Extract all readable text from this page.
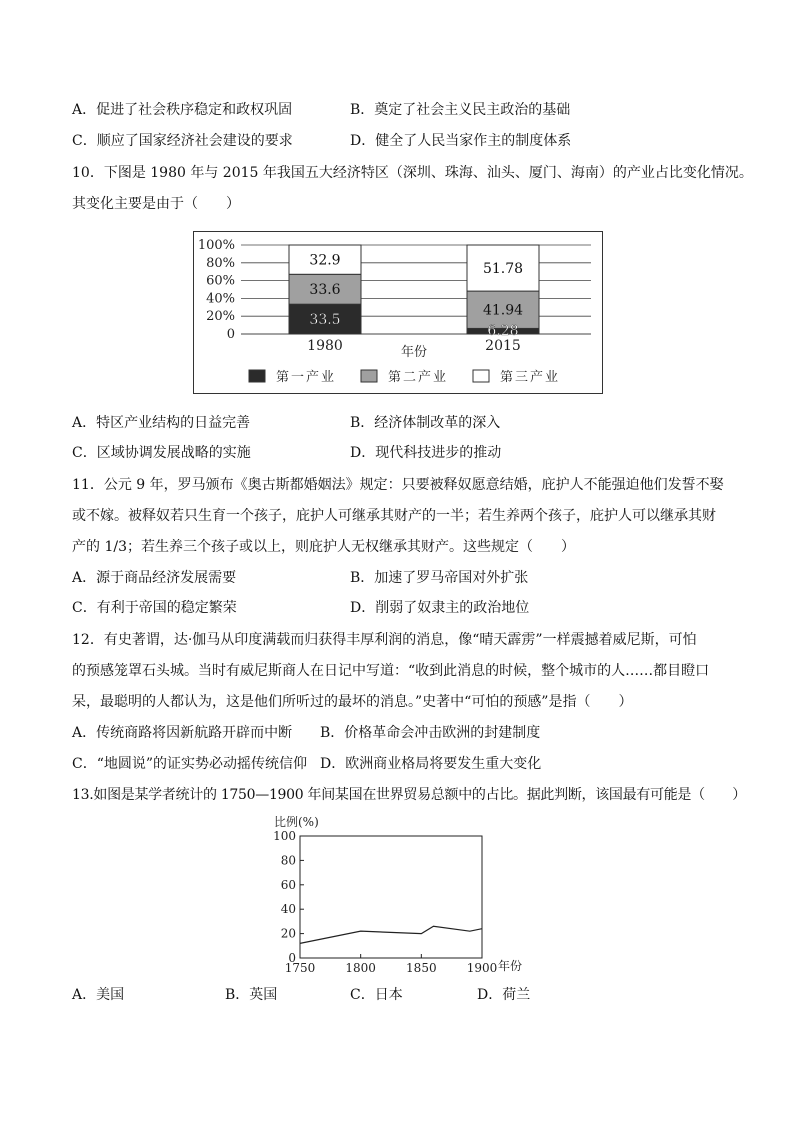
A．促进了社会秩序稳定和政权巩固	B．奠定了社会主义民主政治的基础
C．顺应了国家经济社会建设的要求	D．健全了人民当家作主的制度体系
10．下图是 1980 年与 2015 年我国五大经济特区（深圳、珠海、汕头、厦门、海南）的产业占比变化情况。
其变化主要是由于（　　）
0
20%
40%
60%
80%
100%
33.5
33.6
32.9
6.28
41.94
51.78
1980	2015
年份
第一产业	第二产业	第三产业
A．特区产业结构的日益完善	B．经济体制改革的深入
C．区域协调发展战略的实施	D．现代科技进步的推动
11．公元 9 年，罗马颁布《奥古斯都婚姻法》规定：只要被释奴愿意结婚，庇护人不能强迫他们发誓不娶
或不嫁。被释奴若只生育一个孩子，庇护人可继承其财产的一半；若生养两个孩子，庇护人可以继承其财
产的 1/3；若生养三个孩子或以上，则庇护人无权继承其财产。这些规定（　　）
A．源于商品经济发展需要	B．加速了罗马帝国对外扩张
C．有利于帝国的稳定繁荣	D．削弱了奴隶主的政治地位
12．有史著谓，达·伽马从印度满载而归获得丰厚利润的消息，像“晴天霹雳”一样震撼着威尼斯，可怕
的预感笼罩石头城。当时有威尼斯商人在日记中写道：“收到此消息的时候，整个城市的人……都目瞪口
呆，最聪明的人都认为，这是他们所听过的最坏的消息。”史著中“可怕的预感”是指（　　）
A．传统商路将因新航路开辟而中断 B．价格革命会冲击欧洲的封建制度
C．“地圆说”的证实势必动摇传统信仰 D．欧洲商业格局将要发生重大变化
13.如图是某学者统计的 1750—1900 年间某国在世界贸易总额中的占比。据此判断，该国最有可能是（　　）
比例(%)
0
20
40
60
80
100
1750	1800	1850	1900 年份
A．美国	B．英国	C．日本	D．荷兰
